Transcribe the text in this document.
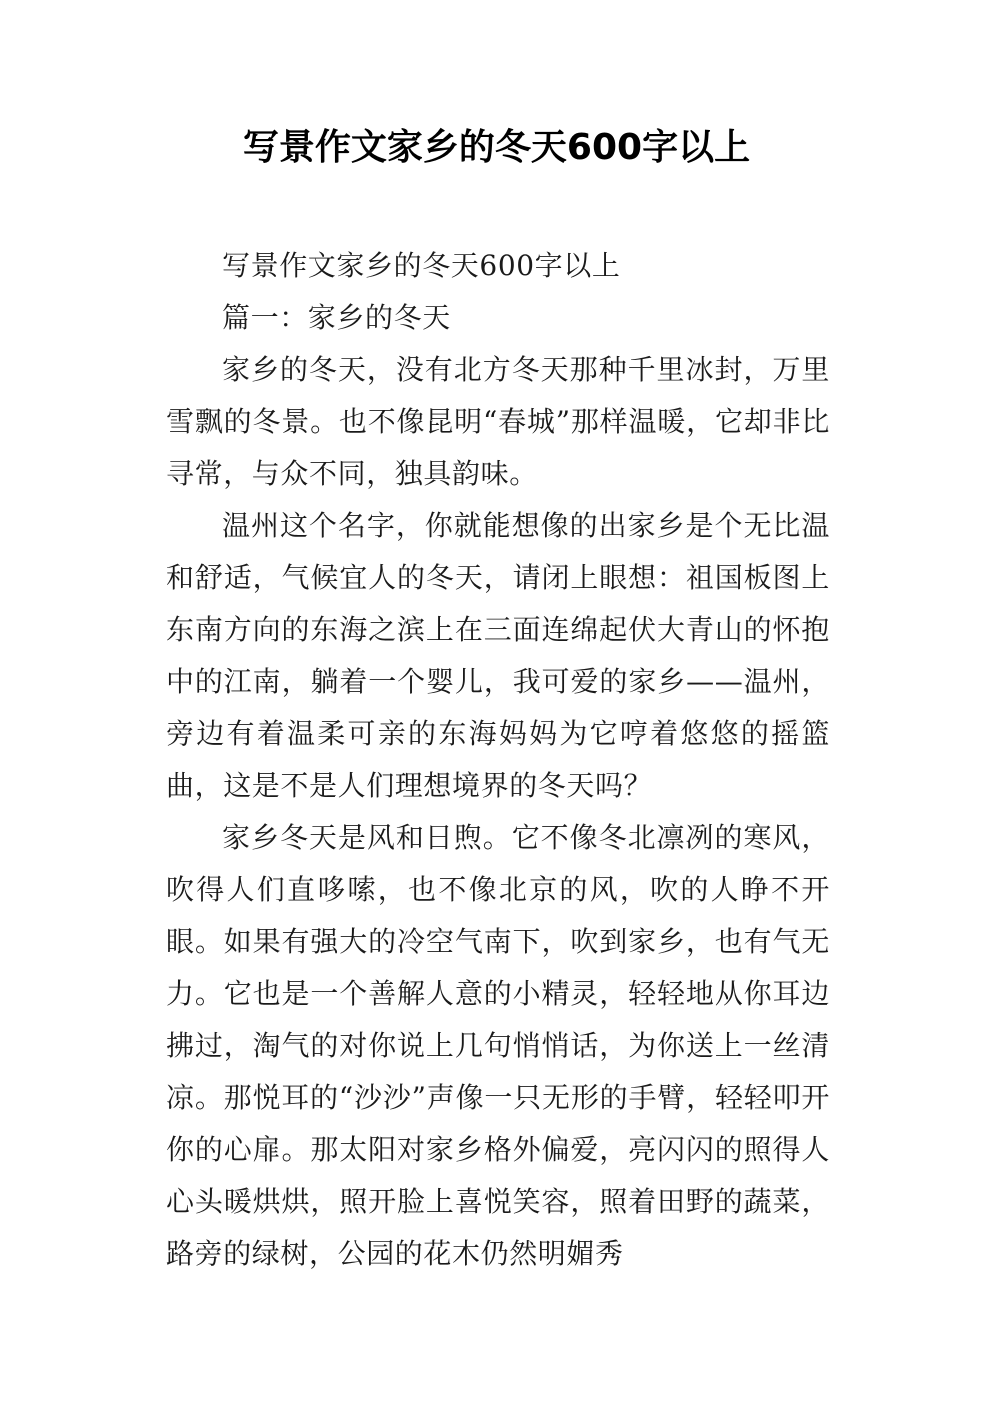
写景作文家乡的冬天600字以上

写景作文家乡的冬天600字以上

篇一：家乡的冬天

家乡的冬天，没有北方冬天那种千里冰封，万里雪飘的冬景。也不像昆明“春城”那样温暖，它却非比寻常，与众不同，独具韵味。

温州这个名字，你就能想像的出家乡是个无比温和舒适，气候宜人的冬天，请闭上眼想：祖国板图上东南方向的东海之滨上在三面连绵起伏大青山的怀抱中的江南，躺着一个婴儿，我可爱的家乡——温州，旁边有着温柔可亲的东海妈妈为它哼着悠悠的摇篮曲，这是不是人们理想境界的冬天吗？

家乡冬天是风和日煦。它不像冬北凛冽的寒风，吹得人们直哆嗦，也不像北京的风，吹的人睁不开眼。如果有强大的冷空气南下，吹到家乡，也有气无力。它也是一个善解人意的小精灵，轻轻地从你耳边拂过，淘气的对你说上几句悄悄话，为你送上一丝清凉。那悦耳的“沙沙”声像一只无形的手臂，轻轻叩开你的心扉。那太阳对家乡格外偏爱，亮闪闪的照得人心头暖烘烘，照开脸上喜悦笑容，照着田野的蔬菜，路旁的绿树，公园的花木仍然明媚秀
